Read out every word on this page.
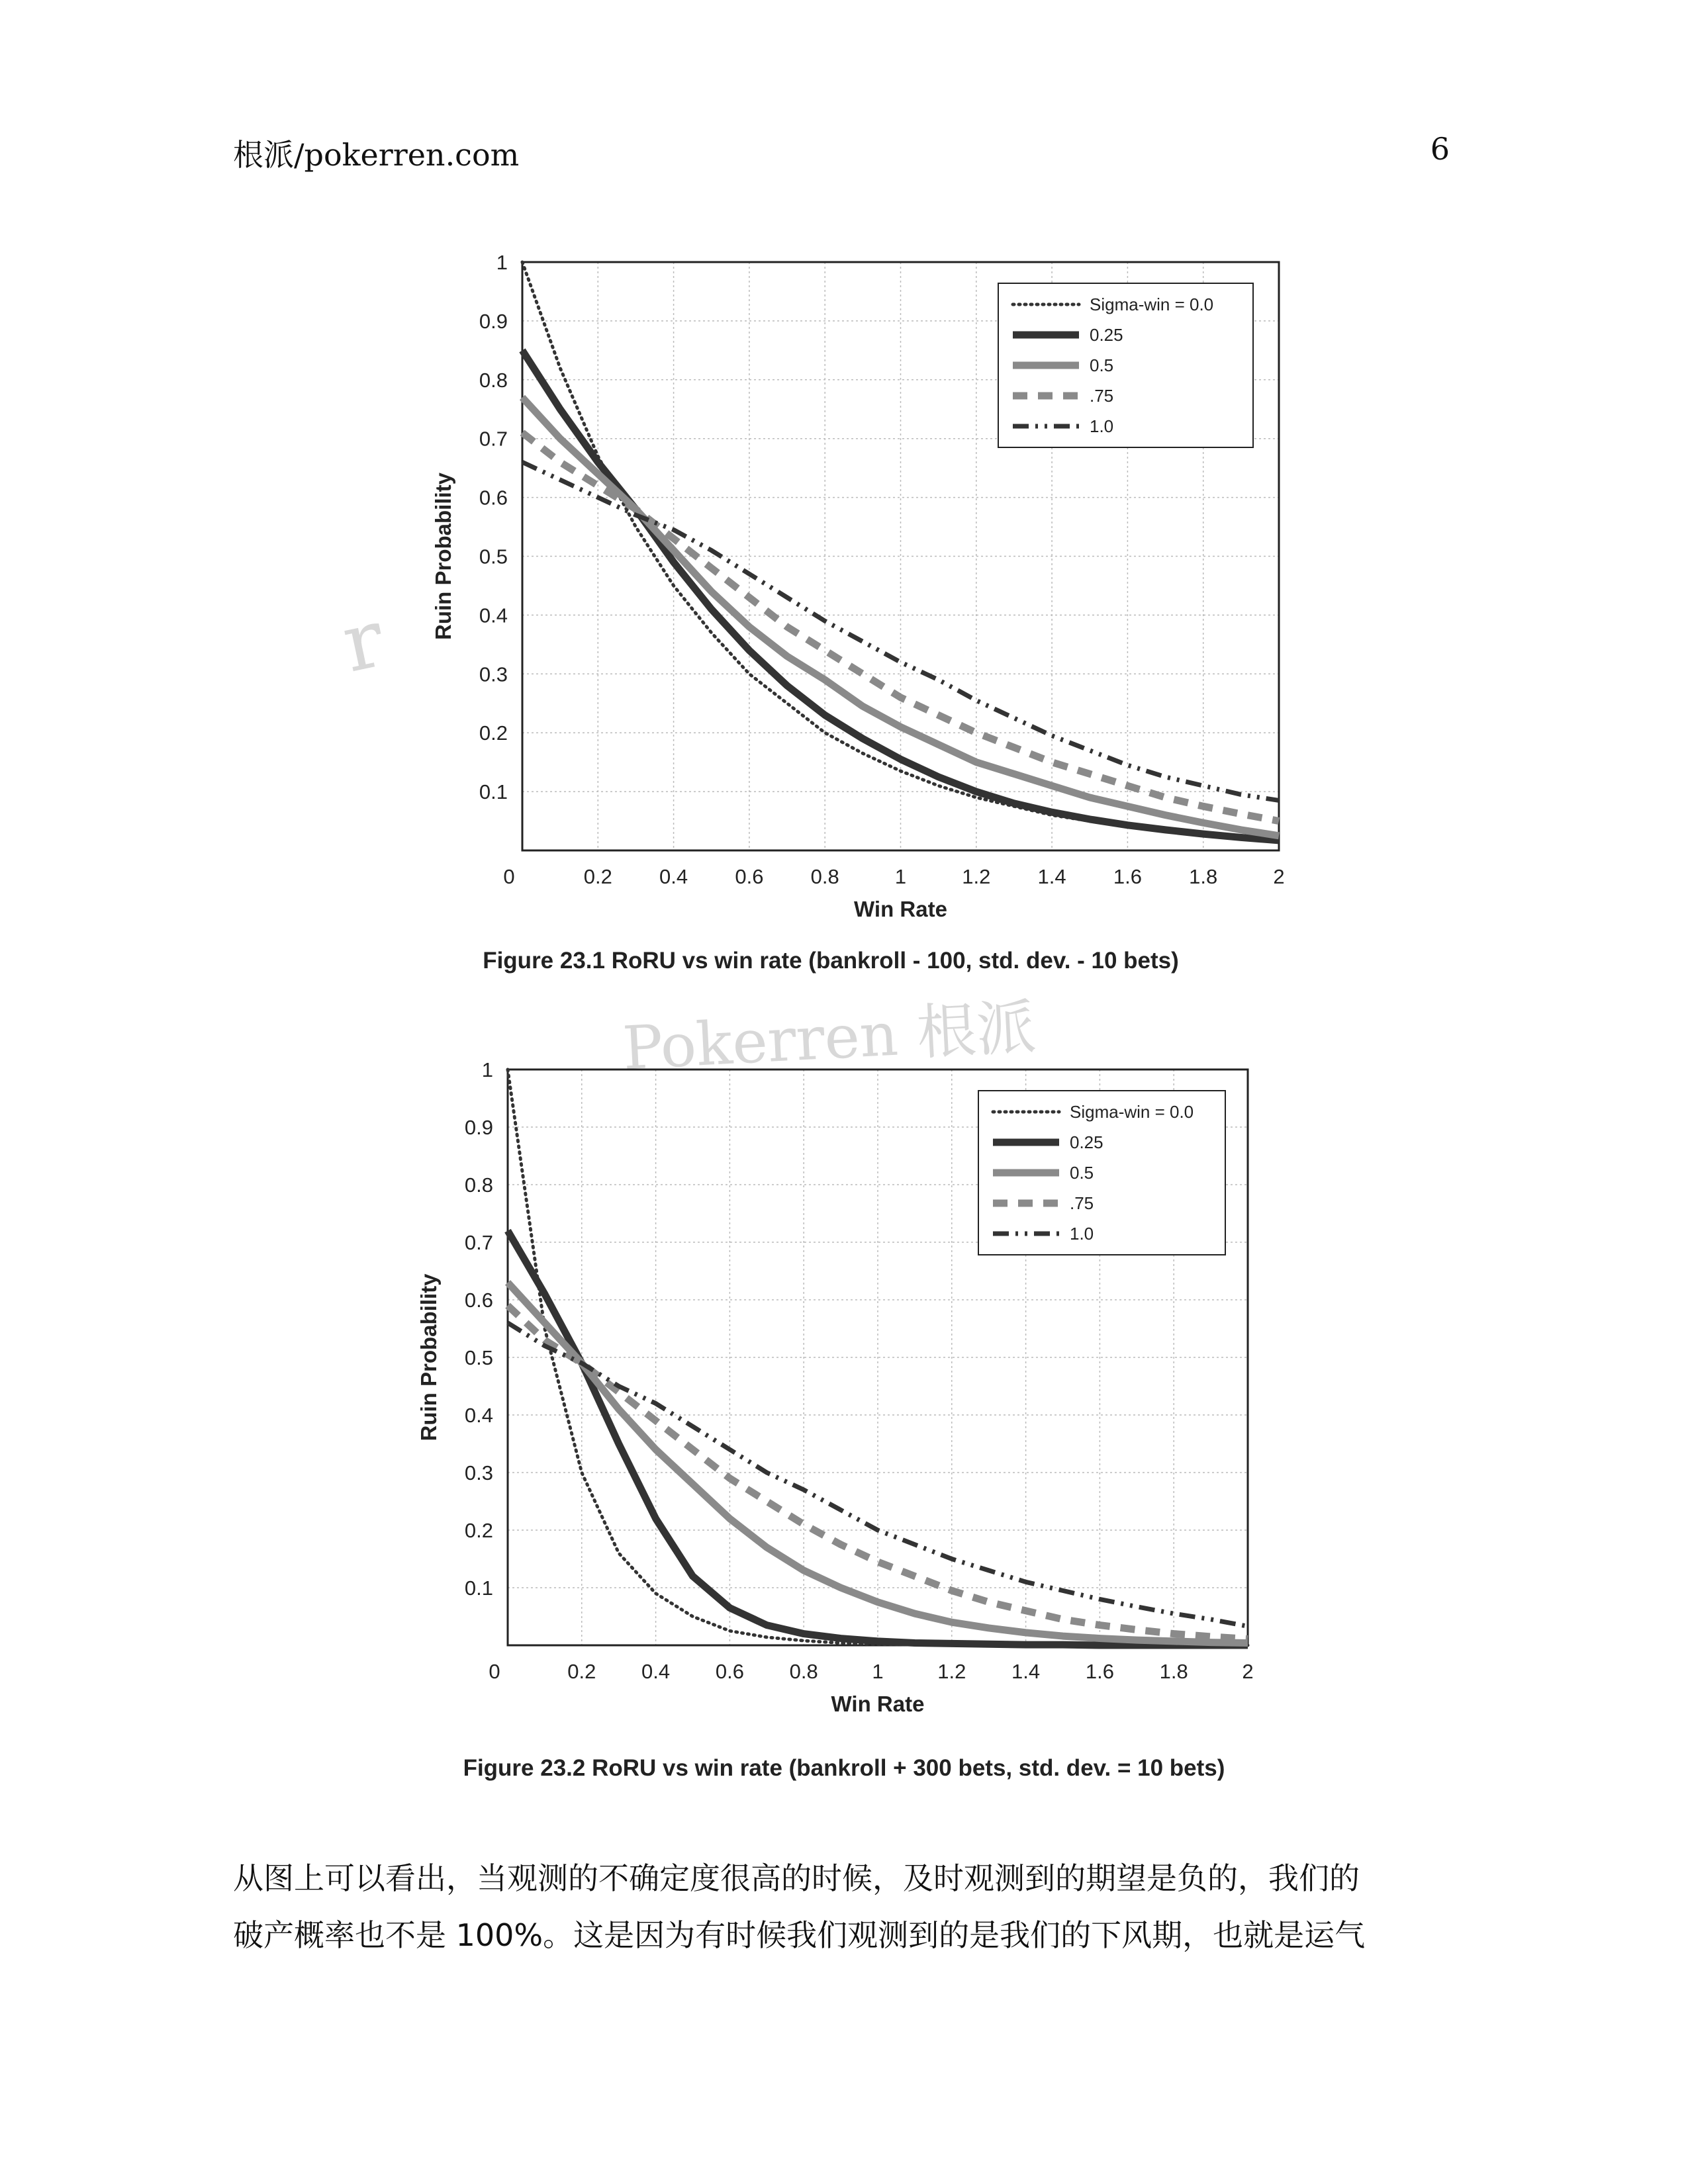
根派/pokerren.com	6
r
0	0.2 0.4 0.6 0.8	1	1.2 1.4 1.6 1.8	2
0.1
0.2
0.3
0.4
0.5
0.6
0.7
0.8
0.9
1
Win Rate
Ruin Probability
Sigma-win = 0.0
0.25
0.5
.75
1.0
Figure 23.1 RoRU vs win rate (bankroll - 100, std. dev. - 10 bets)
Pokerren 根派
0	0.2 0.4 0.6 0.8	1	1.2 1.4 1.6 1.8	2
0.1
0.2
0.3
0.4
0.5
0.6
0.7
0.8
0.9
1
Win Rate
Ruin Probability
Sigma-win = 0.0
0.25
0.5
.75
1.0
Figure 23.2 RoRU vs win rate (bankroll + 300 bets, std. dev. = 10 bets)
从图上可以看出，当观测的不确定度很高的时候，及时观测到的期望是负的，我们的
破产概率也不是 100%。这是因为有时候我们观测到的是我们的下风期，也就是运气
